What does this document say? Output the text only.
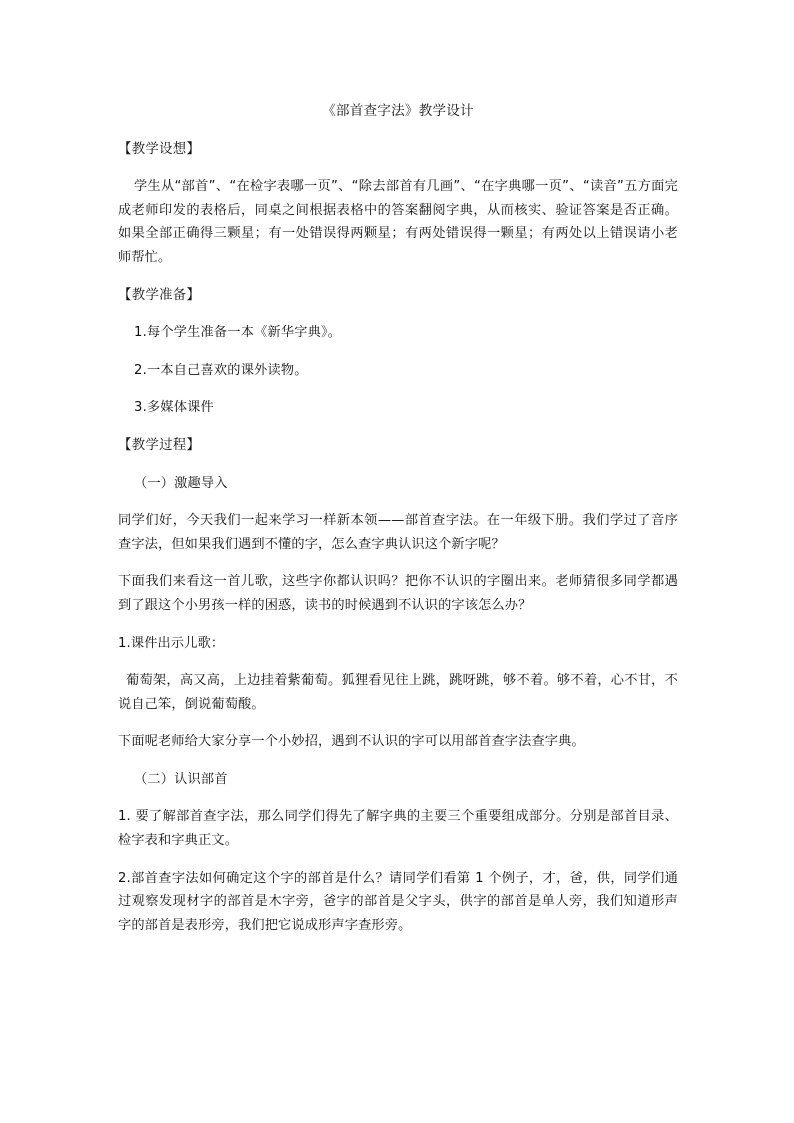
《部首查字法》教学设计
【教学设想】
学生从“部首”、“在检字表哪一页”、“除去部首有几画”、“在字典哪一页”、“读音”五方面完成老师印发的表格后，同桌之间根据表格中的答案翻阅字典，从而核实、验证答案是否正确。如果全部正确得三颗星；有一处错误得两颗星；有两处错误得一颗星；有两处以上错误请小老师帮忙。
【教学准备】
1.每个学生准备一本《新华字典》。
2.一本自己喜欢的课外读物。
3.多媒体课件
【教学过程】
（一）激趣导入
同学们好，今天我们一起来学习一样新本领——部首查字法。在一年级下册。我们学过了音序查字法，但如果我们遇到不懂的字，怎么查字典认识这个新字呢？
下面我们来看这一首儿歌，这些字你都认识吗？把你不认识的字圈出来。老师猜很多同学都遇到了跟这个小男孩一样的困惑，读书的时候遇到不认识的字该怎么办？
1.课件出示儿歌：
葡萄架，高又高，上边挂着紫葡萄。狐狸看见往上跳，跳呀跳，够不着。够不着，心不甘，不说自己笨，倒说葡萄酸。
下面呢老师给大家分享一个小妙招，遇到不认识的字可以用部首查字法查字典。
（二）认识部首
1. 要了解部首查字法，那么同学们得先了解字典的主要三个重要组成部分。分别是部首目录、检字表和字典正文。
2.部首查字法如何确定这个字的部首是什么？请同学们看第 1 个例子，才，爸，供，同学们通过观察发现材字的部首是木字旁，爸字的部首是父字头，供字的部首是单人旁，我们知道形声字的部首是表形旁，我们把它说成形声字查形旁。
